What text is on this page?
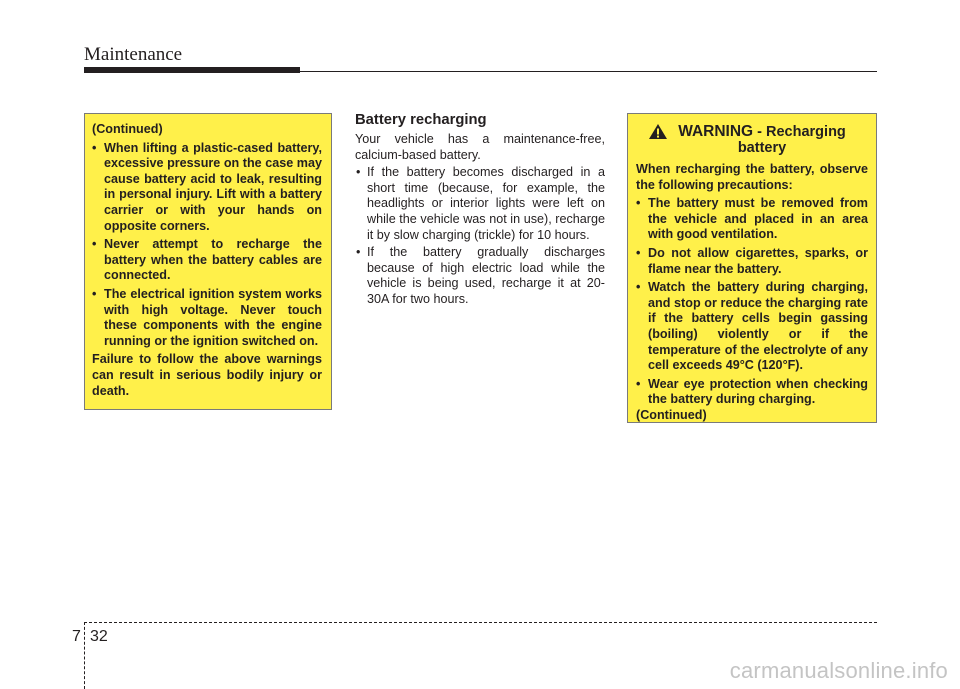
Maintenance

(Continued)

• When lifting a plastic-cased battery, excessive pressure on the case may cause battery acid to leak, resulting in personal injury. Lift with a battery carrier or with your hands on opposite corners.
• Never attempt to recharge the battery when the battery cables are connected.
• The electrical ignition system works with high voltage. Never touch these components with the engine running or the ignition switched on.

Failure to follow the above warnings can result in serious bodily injury or death.

Battery recharging

Your vehicle has a maintenance-free, calcium-based battery.

• If the battery becomes discharged in a short time (because, for example, the headlights or interior lights were left on while the vehicle was not in use), recharge it by slow charging (trickle) for 10 hours.
• If the battery gradually discharges because of high electric load while the vehicle is being used, recharge it at 20-30A for two hours.
WARNING - Recharging battery

When recharging the battery, observe the following precautions:

• The battery must be removed from the vehicle and placed in an area with good ventilation.
• Do not allow cigarettes, sparks, or flame near the battery.
• Watch the battery during charging, and stop or reduce the charging rate if the battery cells begin gassing (boiling) violently or if the temperature of the electrolyte of any cell exceeds 49°C (120°F).
• Wear eye protection when checking the battery during charging.

(Continued)

7 32
carmanualsonline.info
